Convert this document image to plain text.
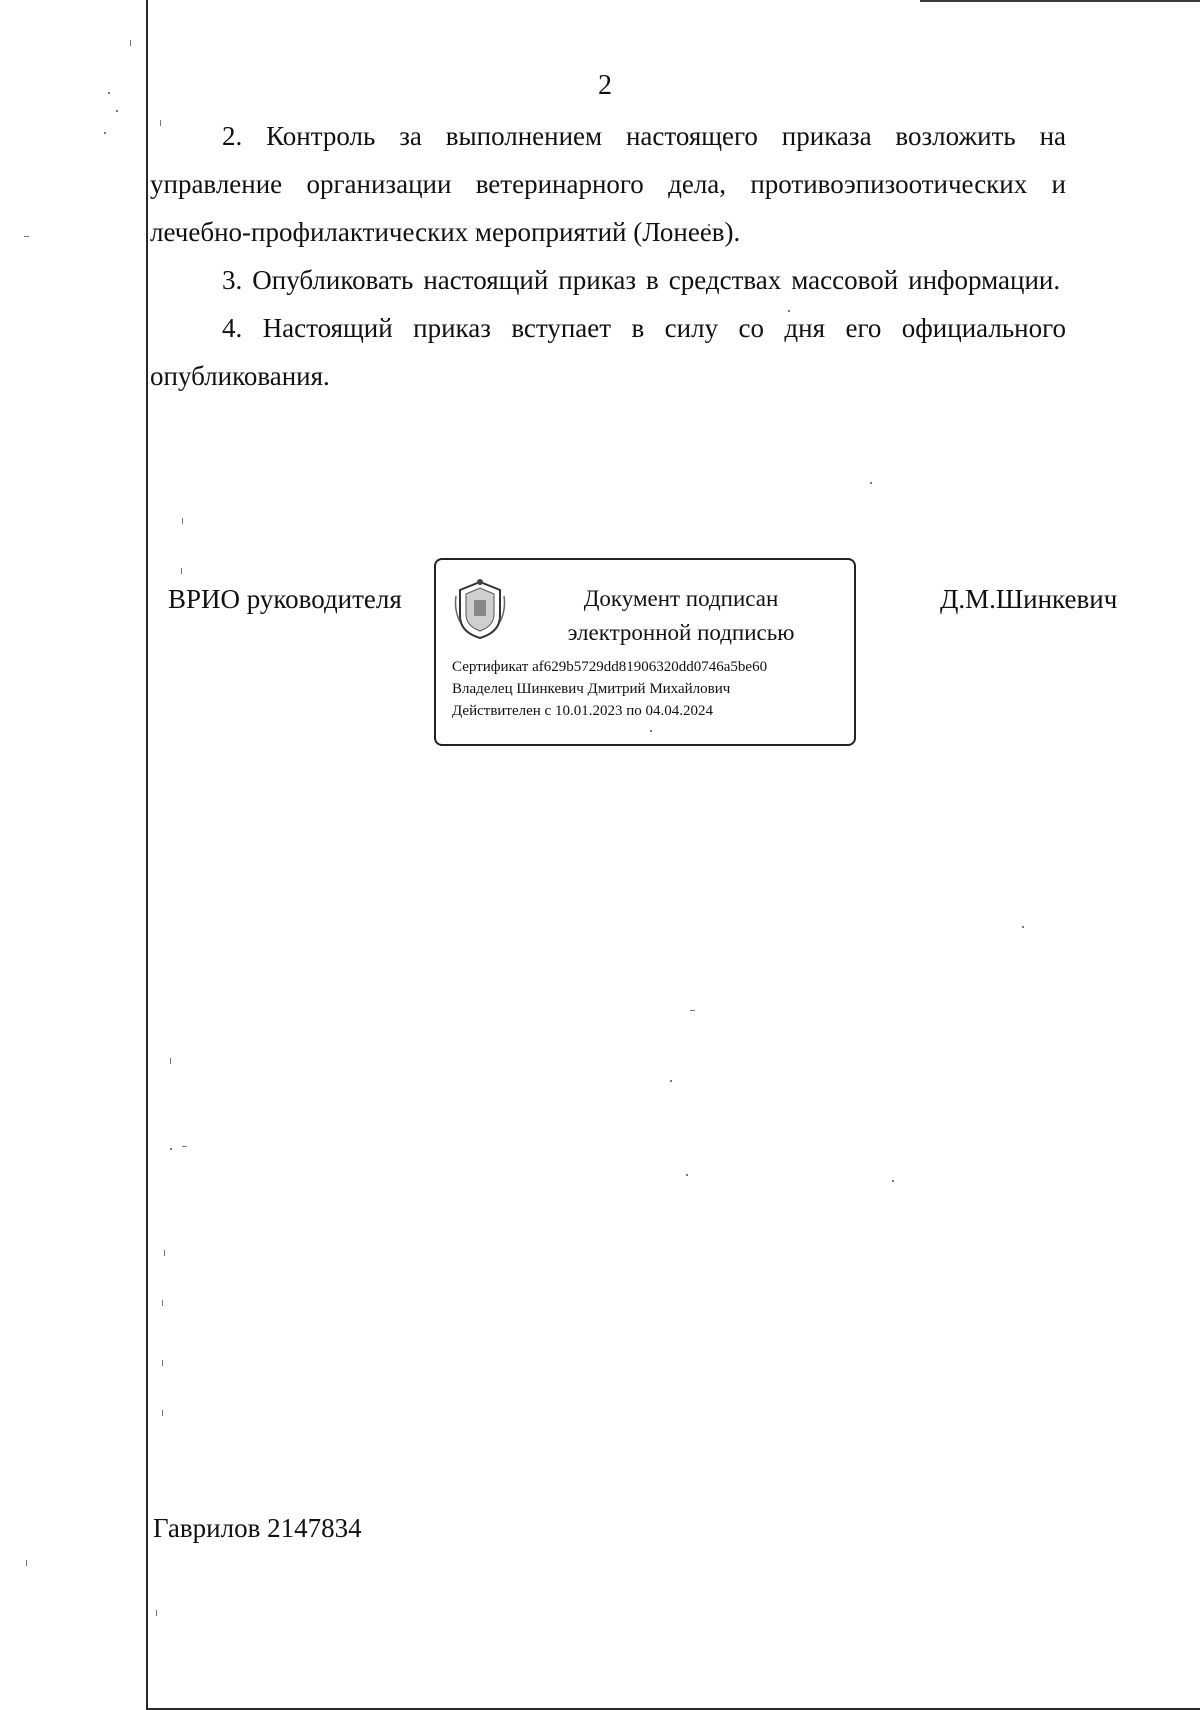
2

2. Контроль за выполнением настоящего приказа возложить на управление организации ветеринарного дела, противоэпизоотических и лечебно-профилактических мероприятий (Лонеев).

3. Опубликовать настоящий приказ в средствах массовой информации.

4. Настоящий приказ вступает в силу со дня его официального опубликования.

ВРИО руководителя	Документ подписан
электронной подписью
Сертификат af629b5729dd81906320dd0746a5be60
Владелец Шинкевич Дмитрий Михайлович
Действителен с 10.01.2023 по 04.04.2024
Д.М.Шинкевич
Гаврилов 2147834
